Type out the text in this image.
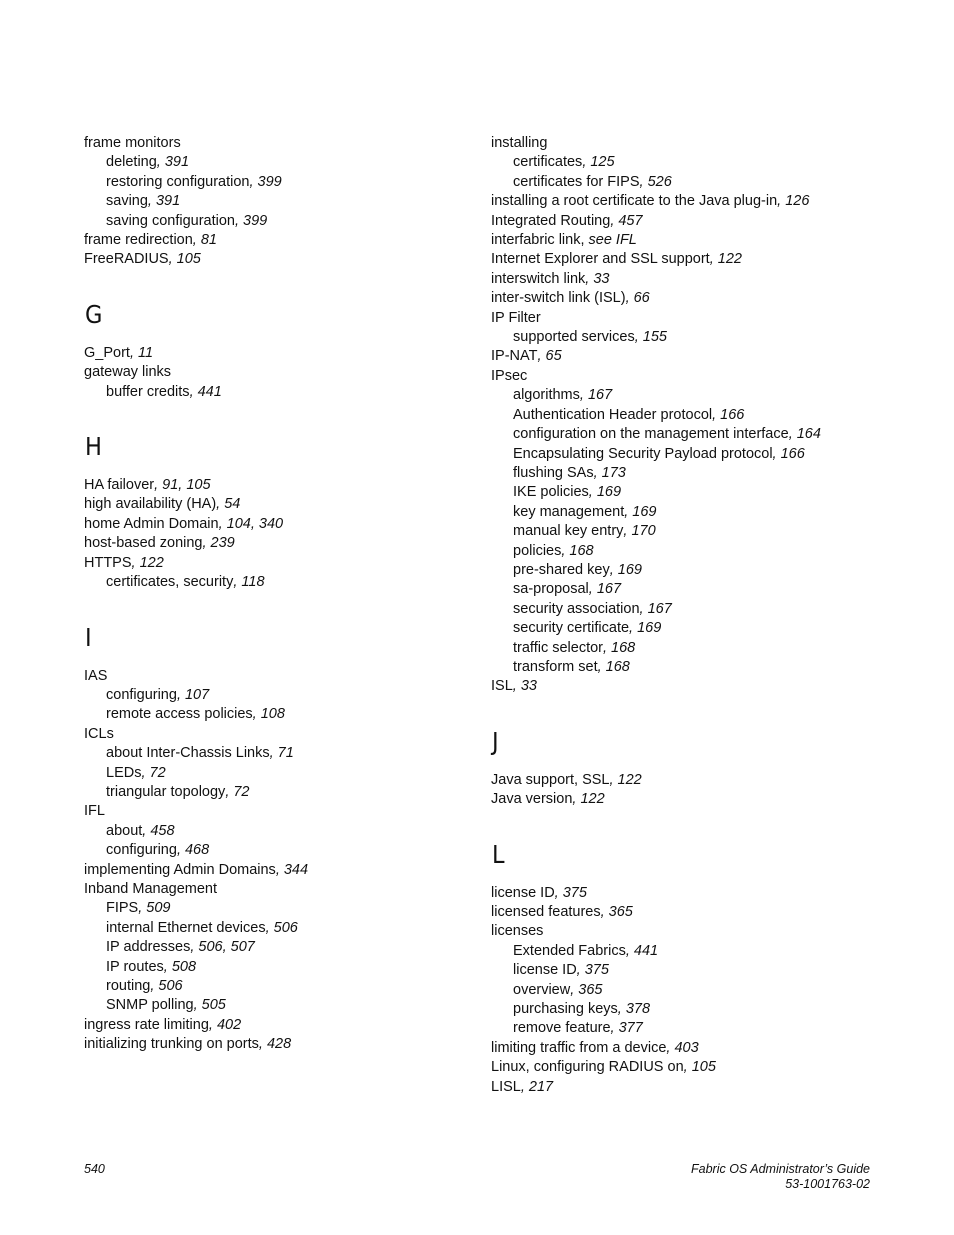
frame monitors
deleting, 391
restoring configuration, 399
saving, 391
saving configuration, 399
frame redirection, 81
FreeRADIUS, 105
G
G_Port, 11
gateway links
buffer credits, 441
H
HA failover, 91, 105
high availability (HA), 54
home Admin Domain, 104, 340
host-based zoning, 239
HTTPS, 122
certificates, security, 118
I
IAS
configuring, 107
remote access policies, 108
ICLs
about Inter-Chassis Links, 71
LEDs, 72
triangular topology, 72
IFL
about, 458
configuring, 468
implementing Admin Domains, 344
Inband Management
FIPS, 509
internal Ethernet devices, 506
IP addresses, 506, 507
IP routes, 508
routing, 506
SNMP polling, 505
ingress rate limiting, 402
initializing trunking on ports, 428
installing
certificates, 125
certificates for FIPS, 526
installing a root certificate to the Java plug-in, 126
Integrated Routing, 457
interfabric link, see IFL
Internet Explorer and SSL support, 122
interswitch link, 33
inter-switch link (ISL), 66
IP Filter
supported services, 155
IP-NAT, 65
IPsec
algorithms, 167
Authentication Header protocol, 166
configuration on the management interface, 164
Encapsulating Security Payload protocol, 166
flushing SAs, 173
IKE policies, 169
key management, 169
manual key entry, 170
policies, 168
pre-shared key, 169
sa-proposal, 167
security association, 167
security certificate, 169
traffic selector, 168
transform set, 168
ISL, 33
J
Java support, SSL, 122
Java version, 122
L
license ID, 375
licensed features, 365
licenses
Extended Fabrics, 441
license ID, 375
overview, 365
purchasing keys, 378
remove feature, 377
limiting traffic from a device, 403
Linux, configuring RADIUS on, 105
LISL, 217
540	Fabric OS Administrator’s Guide
53-1001763-02
